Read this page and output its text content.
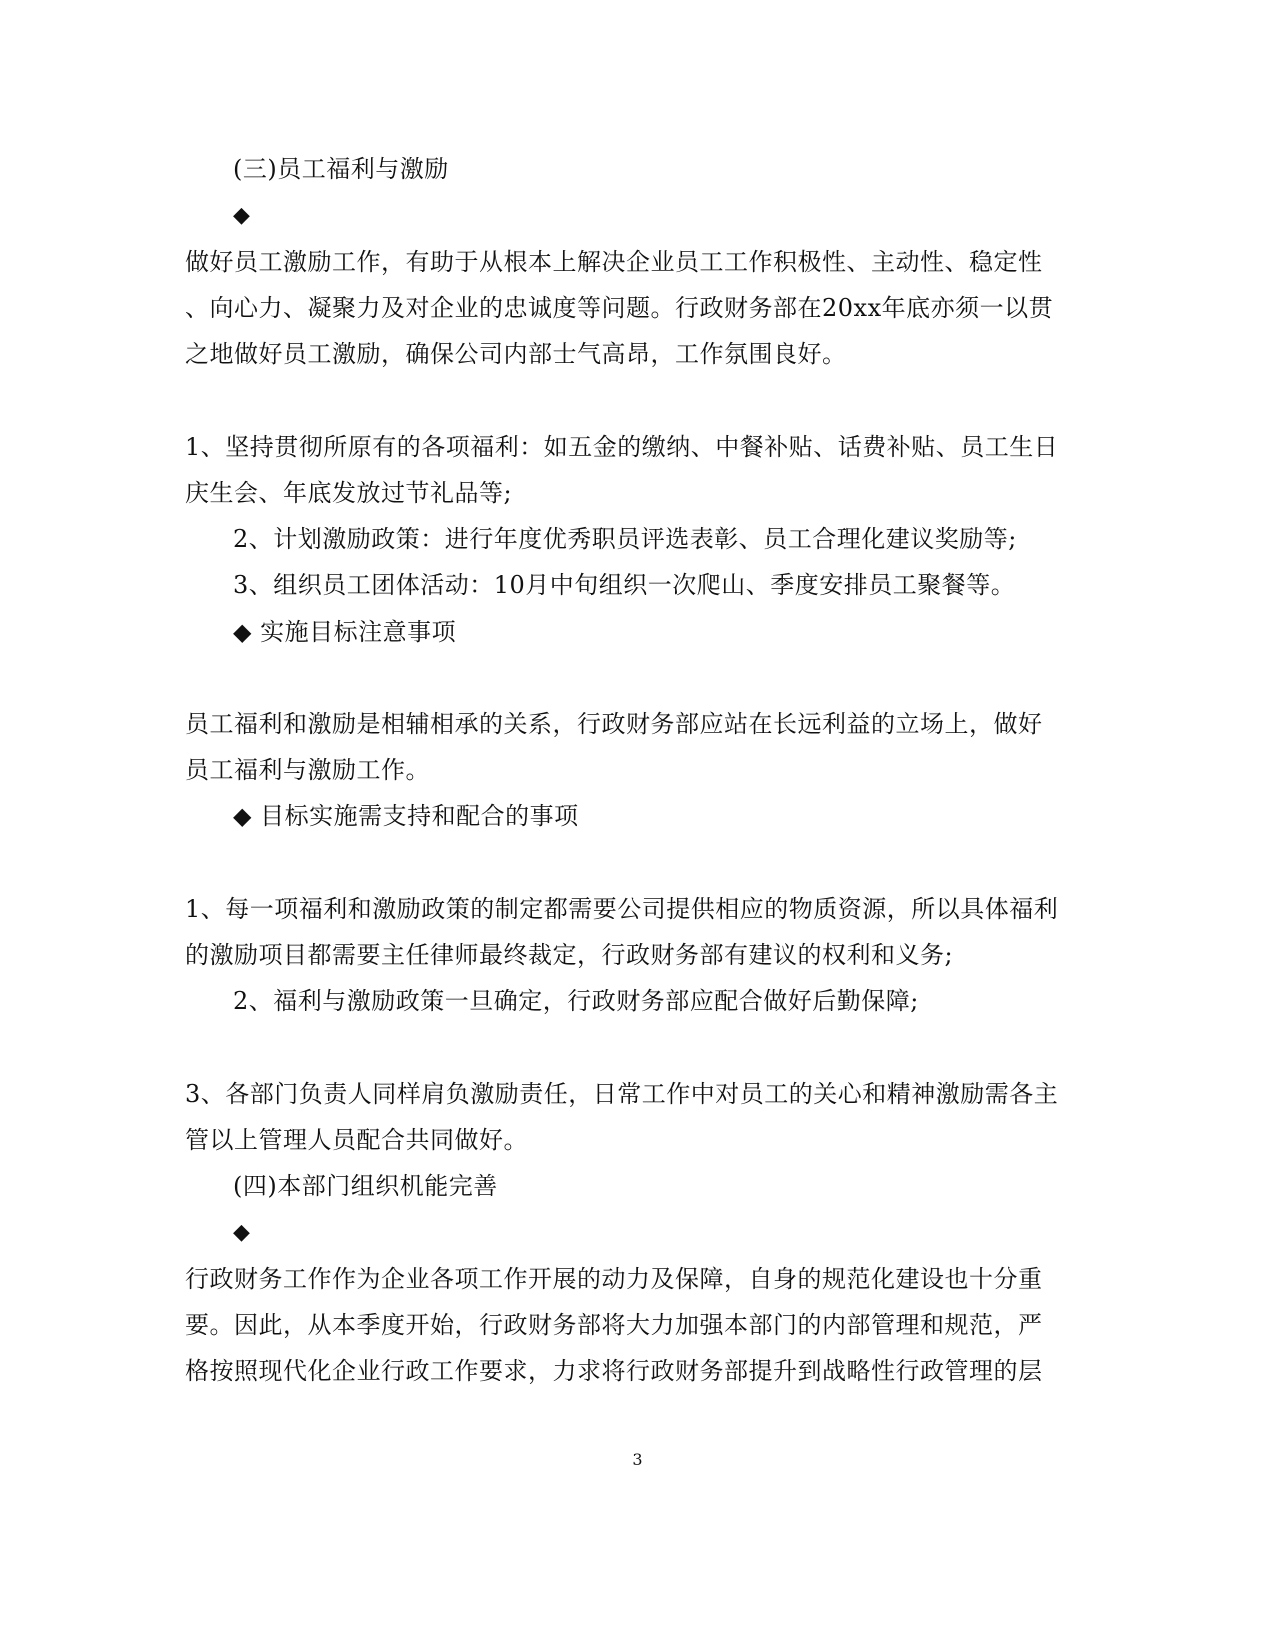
(三)员工福利与激励
◆
做好员工激励工作，有助于从根本上解决企业员工工作积极性、主动性、稳定性
、向心力、凝聚力及对企业的忠诚度等问题。行政财务部在20xx年底亦须一以贯
之地做好员工激励，确保公司内部士气高昂，工作氛围良好。
1、坚持贯彻所原有的各项福利：如五金的缴纳、中餐补贴、话费补贴、员工生日
庆生会、年底发放过节礼品等;
2、计划激励政策：进行年度优秀职员评选表彰、员工合理化建议奖励等;
3、组织员工团体活动：10月中旬组织一次爬山、季度安排员工聚餐等。
◆ 实施目标注意事项
员工福利和激励是相辅相承的关系，行政财务部应站在长远利益的立场上，做好
员工福利与激励工作。
◆ 目标实施需支持和配合的事项
1、每一项福利和激励政策的制定都需要公司提供相应的物质资源，所以具体福利
的激励项目都需要主任律师最终裁定，行政财务部有建议的权利和义务;
2、福利与激励政策一旦确定，行政财务部应配合做好后勤保障;
3、各部门负责人同样肩负激励责任，日常工作中对员工的关心和精神激励需各主
管以上管理人员配合共同做好。
(四)本部门组织机能完善
◆
行政财务工作作为企业各项工作开展的动力及保障，自身的规范化建设也十分重
要。因此，从本季度开始，行政财务部将大力加强本部门的内部管理和规范，严
格按照现代化企业行政工作要求，力求将行政财务部提升到战略性行政管理的层
3
